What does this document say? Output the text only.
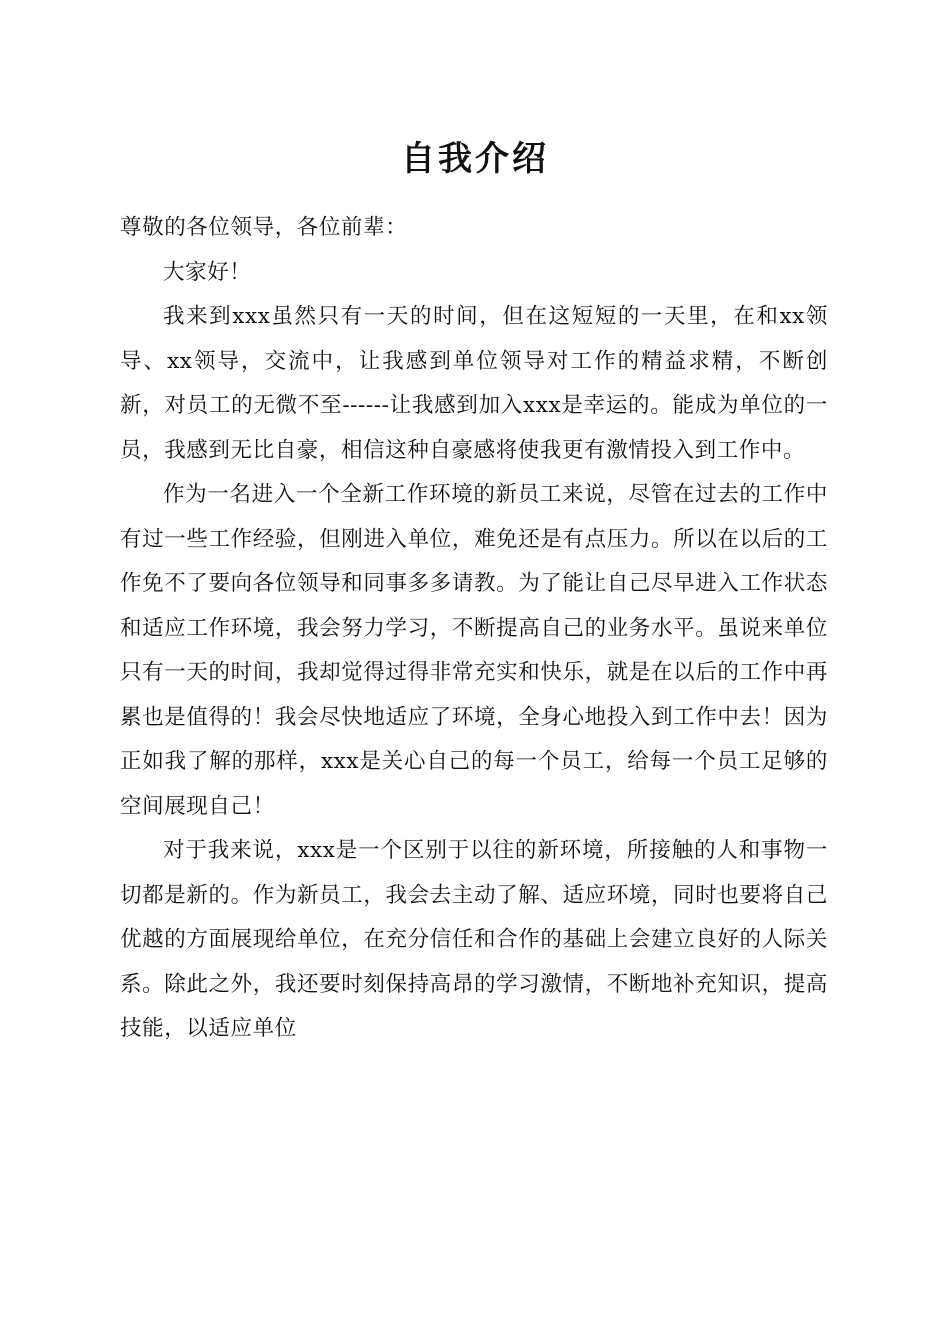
自我介绍

尊敬的各位领导，各位前辈：

大家好！

我来到xxx虽然只有一天的时间，但在这短短的一天里，在和xx领导、xx领导，交流中，让我感到单位领导对工作的精益求精，不断创新，对员工的无微不至------让我感到加入xxx是幸运的。能成为单位的一员，我感到无比自豪，相信这种自豪感将使我更有激情投入到工作中。

作为一名进入一个全新工作环境的新员工来说，尽管在过去的工作中有过一些工作经验，但刚进入单位，难免还是有点压力。所以在以后的工作免不了要向各位领导和同事多多请教。为了能让自己尽早进入工作状态和适应工作环境，我会努力学习，不断提高自己的业务水平。虽说来单位只有一天的时间，我却觉得过得非常充实和快乐，就是在以后的工作中再累也是值得的！我会尽快地适应了环境，全身心地投入到工作中去！因为正如我了解的那样，xxx是关心自己的每一个员工，给每一个员工足够的空间展现自己！

对于我来说，xxx是一个区别于以往的新环境，所接触的人和事物一切都是新的。作为新员工，我会去主动了解、适应环境，同时也要将自己优越的方面展现给单位，在充分信任和合作的基础上会建立良好的人际关系。除此之外，我还要时刻保持高昂的学习激情，不断地补充知识，提高技能，以适应单位
